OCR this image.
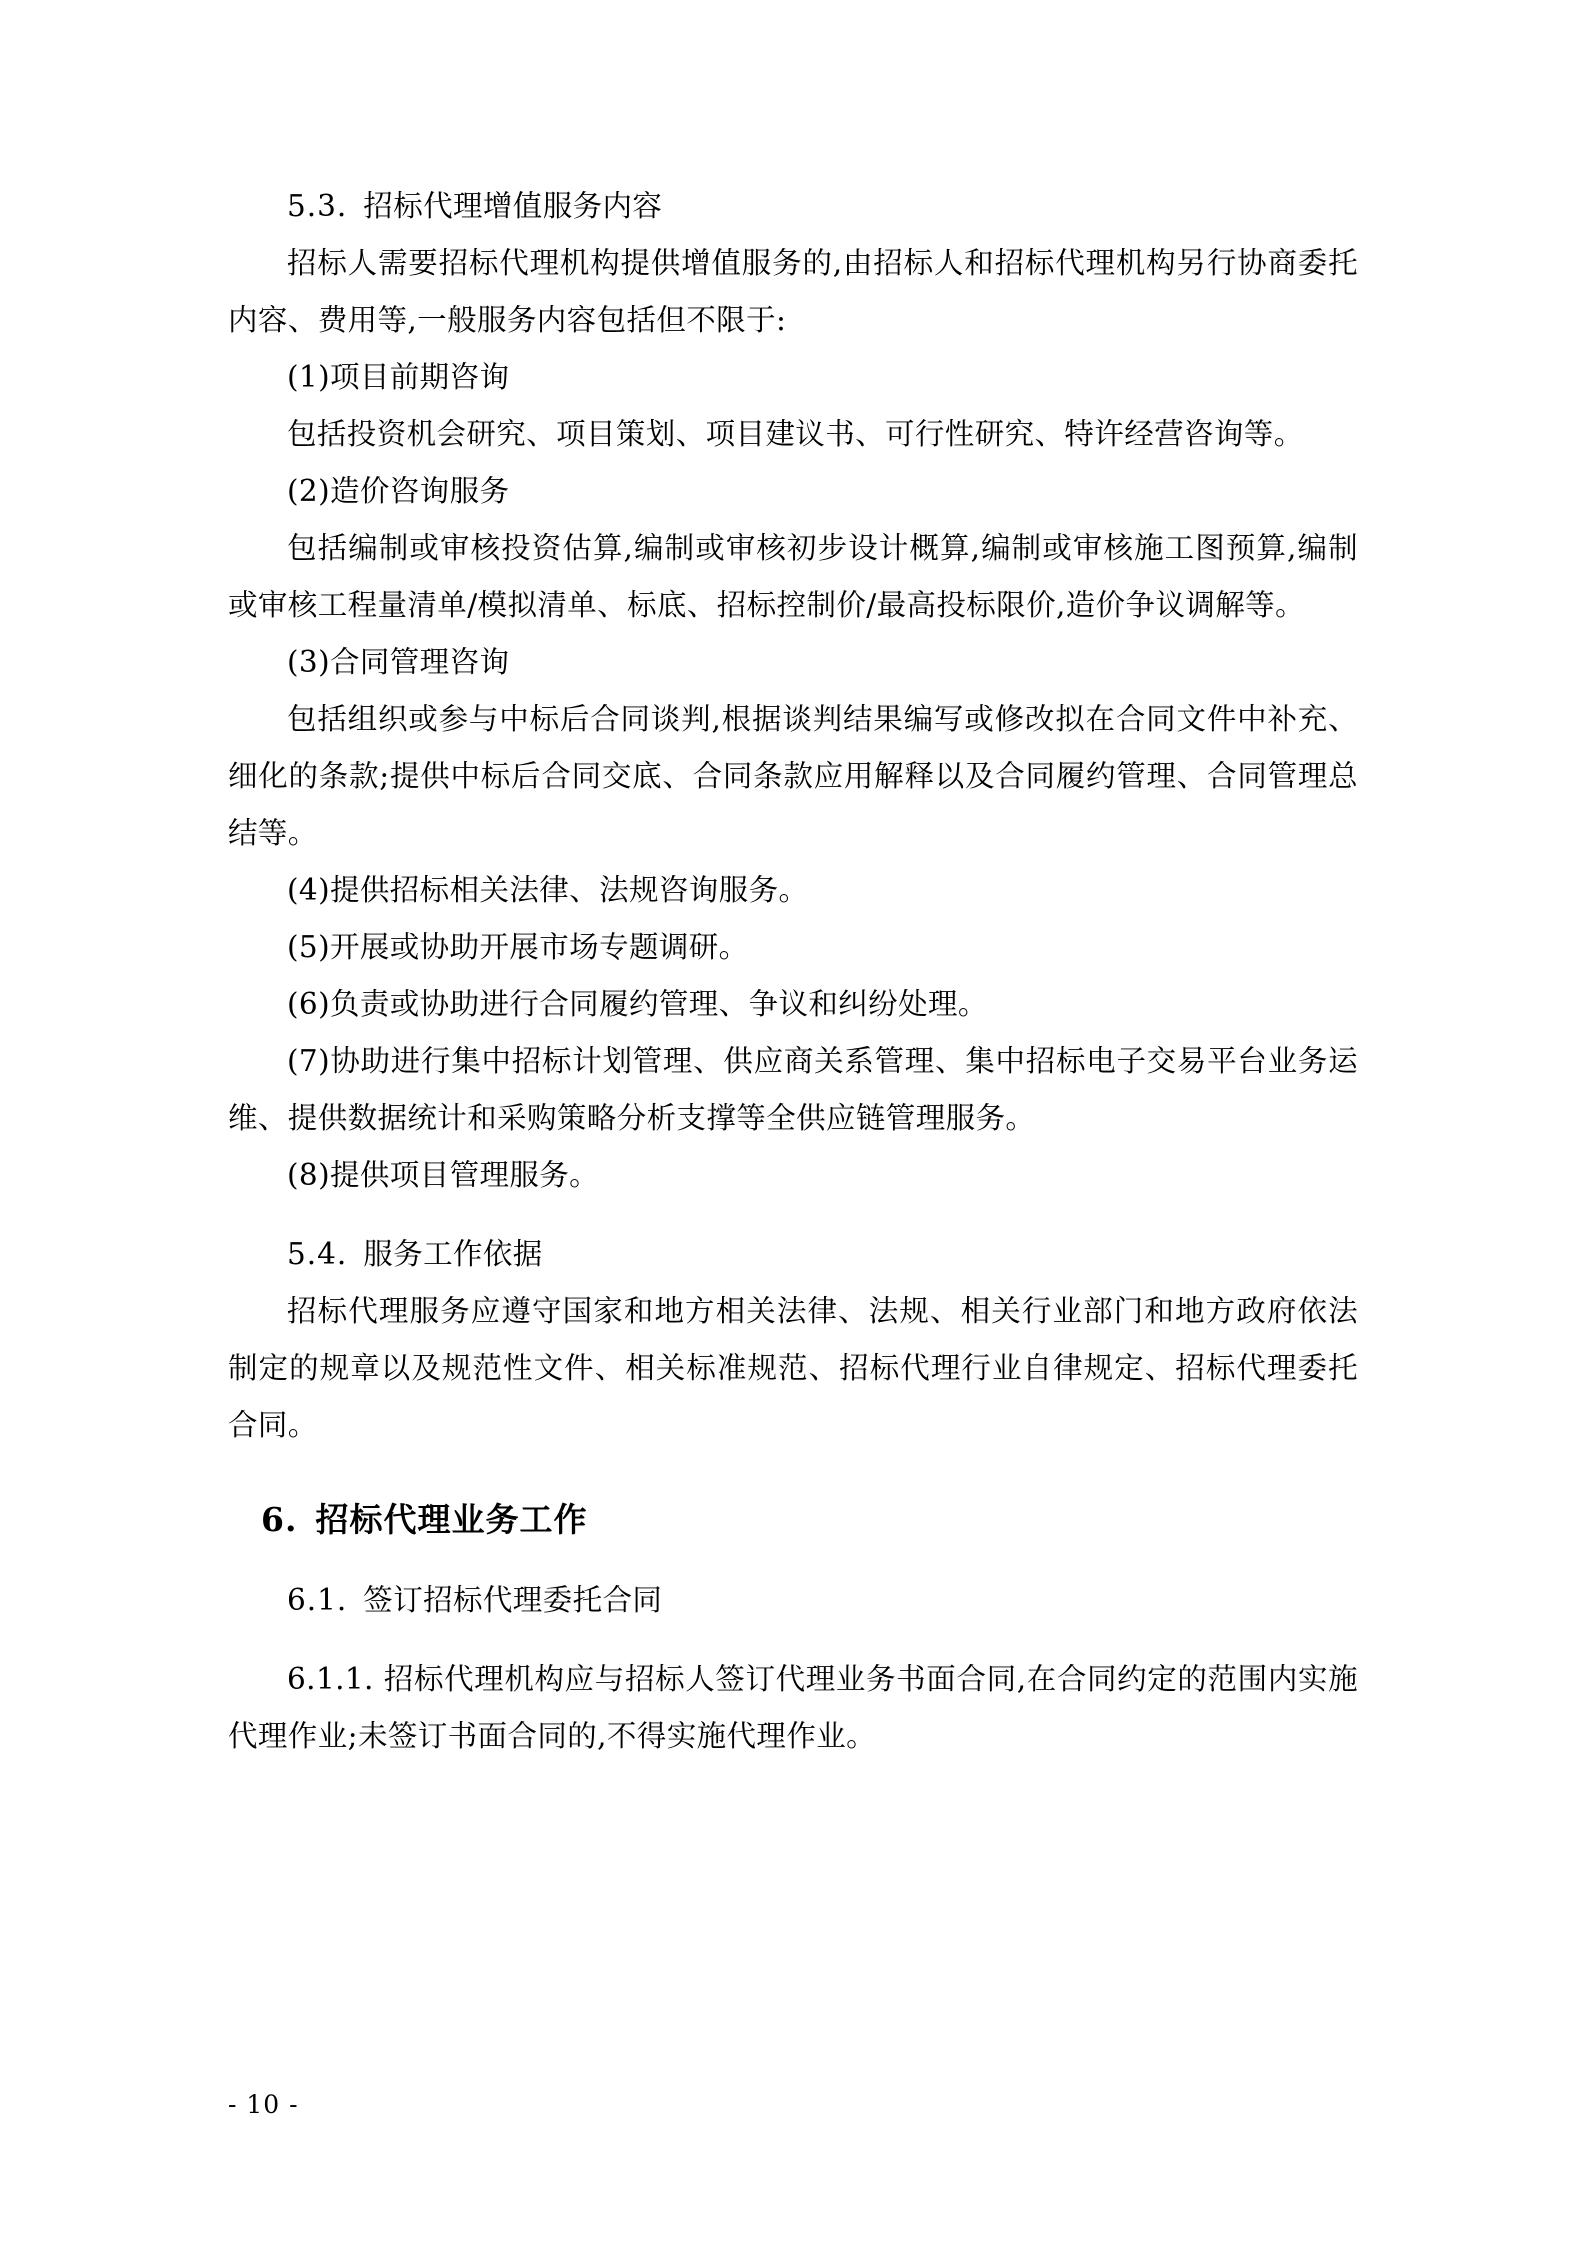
5.3. 招标代理增值服务内容

招标人需要招标代理机构提供增值服务的,由招标人和招标代理机构另行协商委托内容、费用等,一般服务内容包括但不限于:

(1)项目前期咨询

包括投资机会研究、项目策划、项目建议书、可行性研究、特许经营咨询等。

(2)造价咨询服务

包括编制或审核投资估算,编制或审核初步设计概算,编制或审核施工图预算,编制或审核工程量清单/模拟清单、标底、招标控制价/最高投标限价,造价争议调解等。

(3)合同管理咨询

包括组织或参与中标后合同谈判,根据谈判结果编写或修改拟在合同文件中补充、细化的条款;提供中标后合同交底、合同条款应用解释以及合同履约管理、合同管理总结等。

(4)提供招标相关法律、法规咨询服务。

(5)开展或协助开展市场专题调研。

(6)负责或协助进行合同履约管理、争议和纠纷处理。

(7)协助进行集中招标计划管理、供应商关系管理、集中招标电子交易平台业务运维、提供数据统计和采购策略分析支撑等全供应链管理服务。

(8)提供项目管理服务。

5.4. 服务工作依据

招标代理服务应遵守国家和地方相关法律、法规、相关行业部门和地方政府依法制定的规章以及规范性文件、相关标准规范、招标代理行业自律规定、招标代理委托合同。

6. 招标代理业务工作

6.1. 签订招标代理委托合同

6.1.1. 招标代理机构应与招标人签订代理业务书面合同,在合同约定的范围内实施代理作业;未签订书面合同的,不得实施代理作业。

- 10 -
